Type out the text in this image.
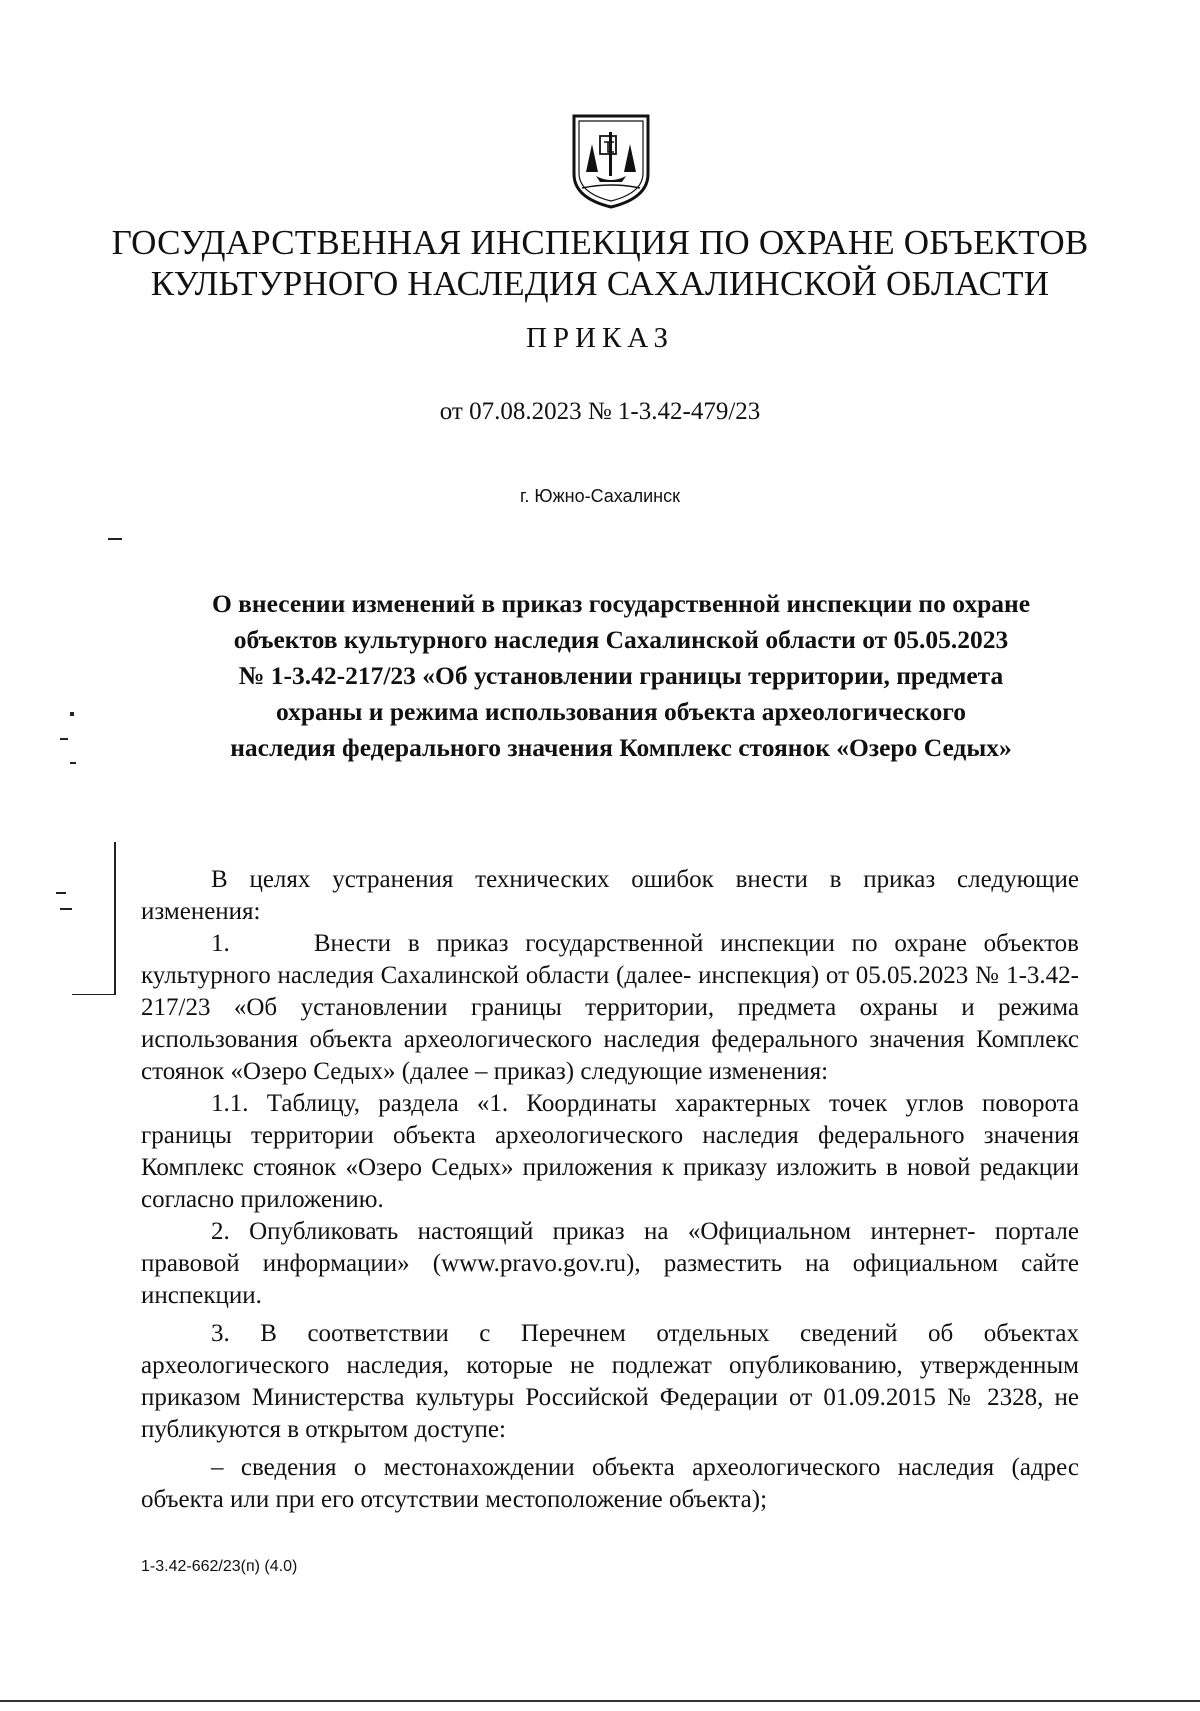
ГОСУДАРСТВЕННАЯ ИНСПЕКЦИЯ ПО ОХРАНЕ ОБЪЕКТОВ
КУЛЬТУРНОГО НАСЛЕДИЯ САХАЛИНСКОЙ ОБЛАСТИ
ПРИКАЗ
от 07.08.2023 № 1-3.42-479/23
г. Южно-Сахалинск
О внесении изменений в приказ государственной инспекции по охране
объектов культурного наследия Сахалинской области от 05.05.2023
№ 1-3.42-217/23 «Об установлении границы территории, предмета
охраны и режима использования объекта археологического
наследия федерального значения Комплекс стоянок «Озеро Седых»

В целях устранения технических ошибок внести в приказ следующие изменения:

1.     Внести в приказ государственной инспекции по охране объектов культурного наследия Сахалинской области (далее- инспекция) от 05.05.2023 № 1-3.42-217/23 «Об установлении границы территории, предмета охраны и режима использования объекта археологического наследия федерального значения Комплекс стоянок «Озеро Седых» (далее – приказ) следующие изменения:

1.1. Таблицу, раздела «1. Координаты характерных точек углов поворота границы территории объекта археологического наследия федерального значения Комплекс стоянок «Озеро Седых» приложения к приказу изложить в новой редакции согласно приложению.

2. Опубликовать настоящий приказ на «Официальном интернет- портале правовой информации» (www.pravo.gov.ru), разместить на официальном сайте инспекции.

3. В соответствии с Перечнем отдельных сведений об объектах археологического наследия, которые не подлежат опубликованию, утвержденным приказом Министерства культуры Российской Федерации от 01.09.2015 № 2328, не публикуются в открытом доступе:

– сведения о местонахождении объекта археологического наследия (адрес объекта или при его отсутствии местоположение объекта);

1-3.42-662/23(п) (4.0)
